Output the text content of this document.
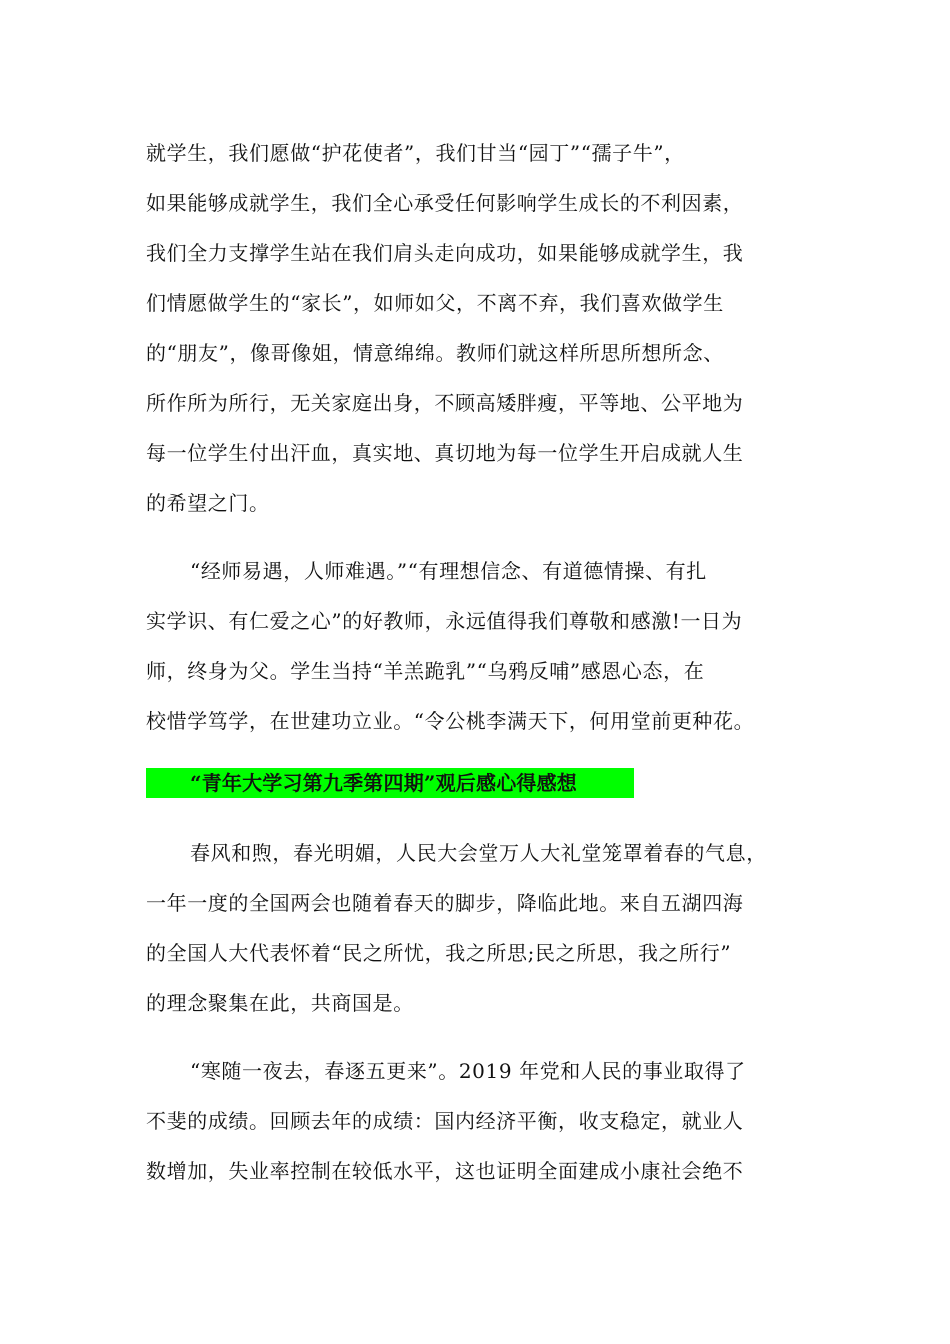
就学生，我们愿做“护花使者”，我们甘当“园丁”“孺子牛”，
如果能够成就学生，我们全心承受任何影响学生成长的不利因素，
我们全力支撑学生站在我们肩头走向成功，如果能够成就学生，我
们情愿做学生的“家长”，如师如父，不离不弃，我们喜欢做学生
的“朋友”，像哥像姐，情意绵绵。教师们就这样所思所想所念、
所作所为所行，无关家庭出身，不顾高矮胖瘦，平等地、公平地为
每一位学生付出汗血，真实地、真切地为每一位学生开启成就人生
的希望之门。
“经师易遇，人师难遇。”“有理想信念、有道德情操、有扎
实学识、有仁爱之心”的好教师，永远值得我们尊敬和感激!一日为
师，终身为父。学生当持“羊羔跪乳”“乌鸦反哺”感恩心态，在
校惜学笃学，在世建功立业。“令公桃李满天下，何用堂前更种花。
“青年大学习第九季第四期”观后感心得感想
春风和煦，春光明媚，人民大会堂万人大礼堂笼罩着春的气息，
一年一度的全国两会也随着春天的脚步，降临此地。来自五湖四海
的全国人大代表怀着“民之所忧，我之所思;民之所思，我之所行”
的理念聚集在此，共商国是。
“寒随一夜去，春逐五更来”。2019 年党和人民的事业取得了
不斐的成绩。回顾去年的成绩：国内经济平衡，收支稳定，就业人
数增加，失业率控制在较低水平，这也证明全面建成小康社会绝不
